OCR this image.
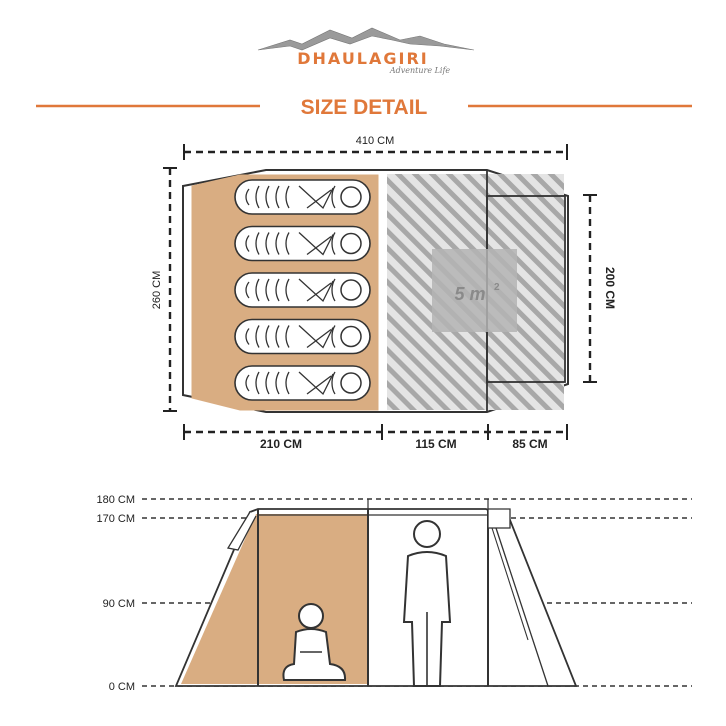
DHAULAGIRI
Adventure Life
SIZE DETAIL
410 CM
260 CM	200 CM
5 m 2
210 CM	115 CM	85 CM
180 CM
170 CM
90 CM
0 CM
